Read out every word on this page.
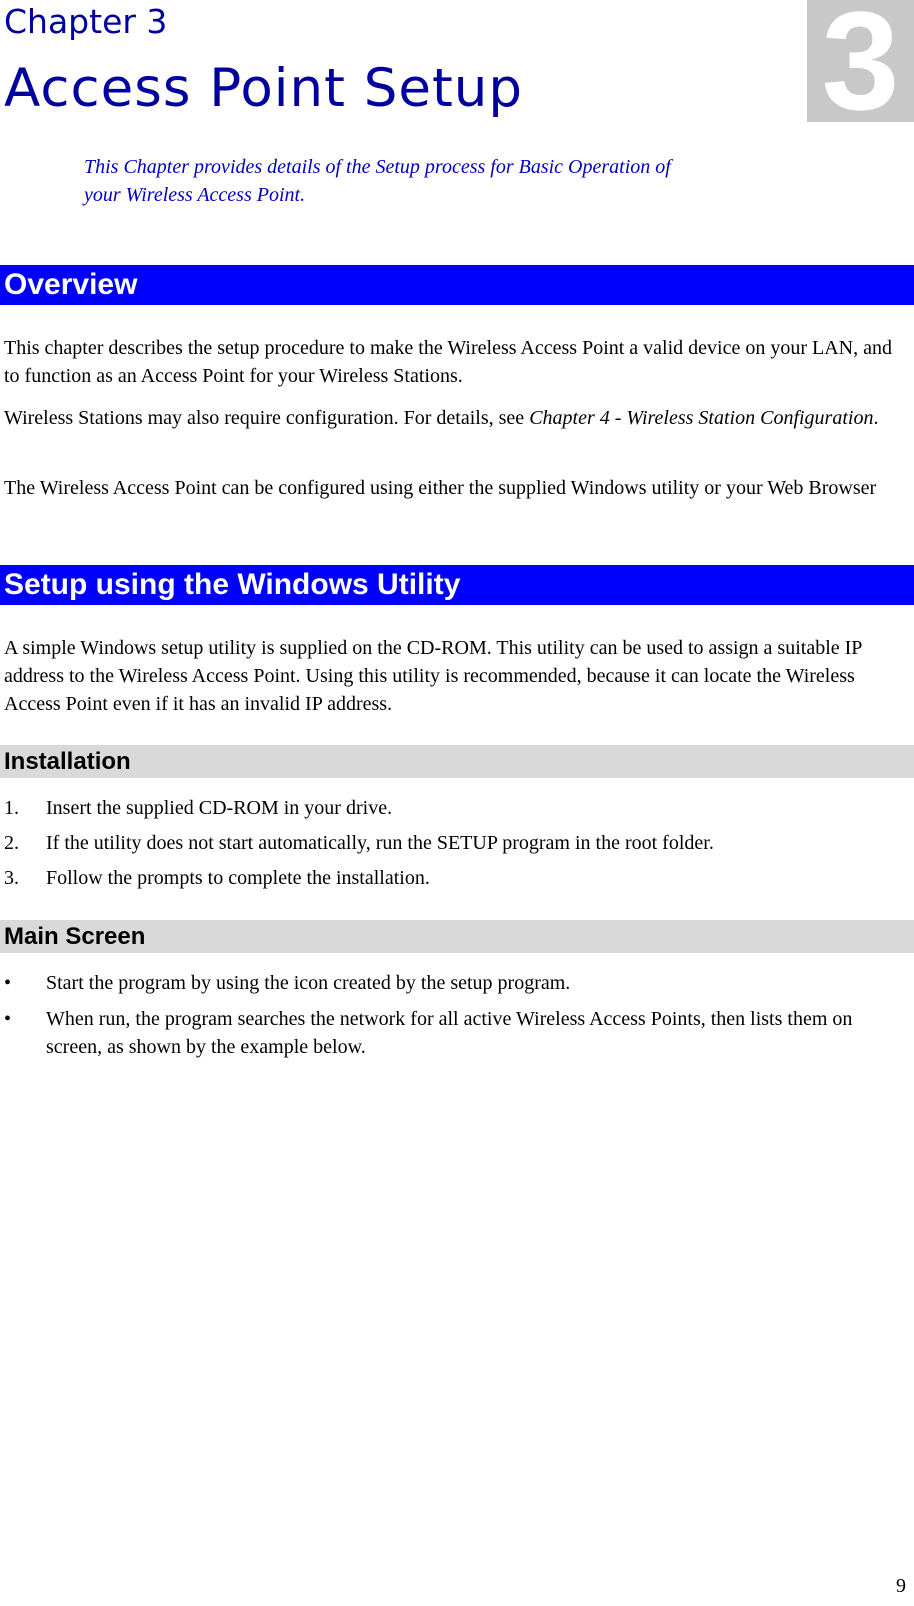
Chapter 3
Access Point Setup 3
This Chapter provides details of the Setup process for Basic Operation of
your Wireless Access Point.
Overview
This chapter describes the setup procedure to make the Wireless Access Point a valid device on your LAN, and to function as an Access Point for your Wireless Stations.
Wireless Stations may also require configuration. For details, see Chapter 4 - Wireless Station Configuration.
The Wireless Access Point can be configured using either the supplied Windows utility or your Web Browser
Setup using the Windows Utility
A simple Windows setup utility is supplied on the CD-ROM. This utility can be used to assign a suitable IP address to the Wireless Access Point. Using this utility is recommended, because it can locate the Wireless Access Point even if it has an invalid IP address.
Installation
1. Insert the supplied CD-ROM in your drive.
2. If the utility does not start automatically, run the SETUP program in the root folder.
3. Follow the prompts to complete the installation.
Main Screen
• Start the program by using the icon created by the setup program.
• When run, the program searches the network for all active Wireless Access Points, then lists them on screen, as shown by the example below.
9
